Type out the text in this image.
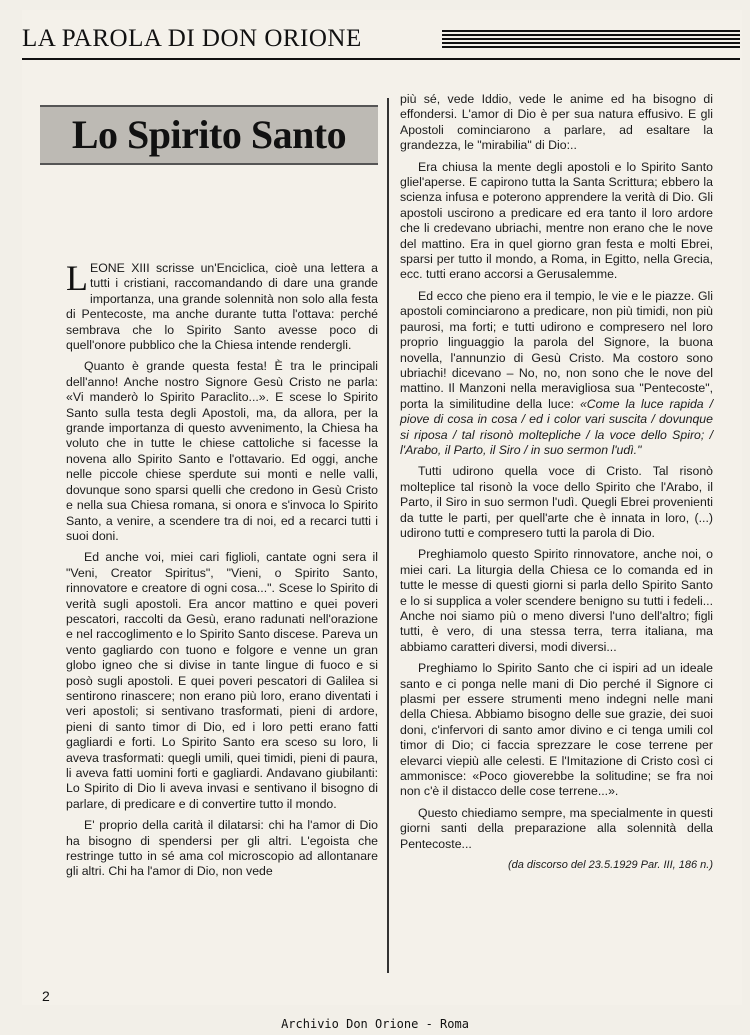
LA PAROLA DI DON ORIONE
Lo Spirito Santo

LEONE XIII scrisse un'Enciclica, cioè una lettera a tutti i cristiani, raccomandando di dare una grande importanza, una grande solennità non solo alla festa di Pentecoste, ma anche durante tutta l'ottava: perché sembrava che lo Spirito Santo avesse poco di quell'onore pubblico che la Chiesa intende rendergli.

Quanto è grande questa festa! È tra le principali dell'anno! Anche nostro Signore Gesù Cristo ne parla: «Vi manderò lo Spirito Paraclito...». E scese lo Spirito Santo sulla testa degli Apostoli, ma, da allora, per la grande importanza di questo avvenimento, la Chiesa ha voluto che in tutte le chiese cattoliche si facesse la novena allo Spirito Santo e l'ottavario. Ed oggi, anche nelle piccole chiese sperdute sui monti e nelle valli, dovunque sono sparsi quelli che credono in Gesù Cristo e nella sua Chiesa romana, si onora e s'invoca lo Spirito Santo, a venire, a scendere tra di noi, ed a recarci tutti i suoi doni.

Ed anche voi, miei cari figlioli, cantate ogni sera il "Veni, Creator Spiritus", "Vieni, o Spirito Santo, rinnovatore e creatore di ogni cosa...". Scese lo Spirito di verità sugli apostoli. Era ancor mattino e quei poveri pescatori, raccolti da Gesù, erano radunati nell'orazione e nel raccoglimento e lo Spirito Santo discese. Pareva un vento gagliardo con tuono e folgore e venne un gran globo igneo che si divise in tante lingue di fuoco e si posò sugli apostoli. E quei poveri pescatori di Galilea si sentirono rinascere; non erano più loro, erano diventati i veri apostoli; si sentivano trasformati, pieni di ardore, pieni di santo timor di Dio, ed i loro petti erano fatti gagliardi e forti. Lo Spirito Santo era sceso su loro, li aveva trasformati: quegli umili, quei timidi, pieni di paura, li aveva fatti uomini forti e gagliardi. Andavano giubilanti: Lo Spirito di Dio li aveva invasi e sentivano il bisogno di parlare, di predicare e di convertire tutto il mondo.

E' proprio della carità il dilatarsi: chi ha l'amor di Dio ha bisogno di spendersi per gli altri. L'egoista che restringe tutto in sé ama col microscopio ad allontanare gli altri. Chi ha l'amor di Dio, non vede

più sé, vede Iddio, vede le anime ed ha bisogno di effondersi. L'amor di Dio è per sua natura effusivo. E gli Apostoli cominciarono a parlare, ad esaltare la grandezza, le "mirabilia" di Dio:..

Era chiusa la mente degli apostoli e lo Spirito Santo gliel'aperse. E capirono tutta la Santa Scrittura; ebbero la scienza infusa e poterono apprendere la verità di Dio. Gli apostoli uscirono a predicare ed era tanto il loro ardore che li credevano ubriachi, mentre non erano che le nove del mattino. Era in quel giorno gran festa e molti Ebrei, sparsi per tutto il mondo, a Roma, in Egitto, nella Grecia, ecc. tutti erano accorsi a Gerusalemme.

Ed ecco che pieno era il tempio, le vie e le piazze. Gli apostoli cominciarono a predicare, non più timidi, non più paurosi, ma forti; e tutti udirono e compresero nel loro proprio linguaggio la parola del Signore, la buona novella, l'annunzio di Gesù Cristo. Ma costoro sono ubriachi! dicevano – No, no, non sono che le nove del mattino. Il Manzoni nella meravigliosa sua "Pentecoste", porta la similitudine della luce: «Come la luce rapida / piove di cosa in cosa / ed i color vari suscita / dovunque si riposa / tal risonò moltepliche / la voce dello Spiro; / l'Arabo, il Parto, il Siro / in suo sermon l'udì."

Tutti udirono quella voce di Cristo. Tal risonò molteplice tal risonò la voce dello Spirito che l'Arabo, il Parto, il Siro in suo sermon l'udì. Quegli Ebrei provenienti da tutte le parti, per quell'arte che è innata in loro, (...) udirono tutti e compresero tutti la parola di Dio.

Preghiamolo questo Spirito rinnovatore, anche noi, o miei cari. La liturgia della Chiesa ce lo comanda ed in tutte le messe di questi giorni si parla dello Spirito Santo e lo si supplica a voler scendere benigno su tutti i fedeli... Anche noi siamo più o meno diversi l'uno dell'altro; figli tutti, è vero, di una stessa terra, terra italiana, ma abbiamo caratteri diversi, modi diversi...

Preghiamo lo Spirito Santo che ci ispiri ad un ideale santo e ci ponga nelle mani di Dio perché il Signore ci plasmi per essere strumenti meno indegni nelle mani della Chiesa. Abbiamo bisogno delle sue grazie, dei suoi doni, c'infervori di santo amor divino e ci tenga umili col timor di Dio; ci faccia sprezzare le cose terrene per elevarci viepiù alle celesti. E l'Imitazione di Cristo così ci ammonisce: «Poco gioverebbe la solitudine; se fra noi non c'è il distacco delle cose terrene...».

Questo chiediamo sempre, ma specialmente in questi giorni santi della preparazione alla solennità della Pentecoste...

(da discorso del 23.5.1929 Par. III, 186 n.)

2
Archivio Don Orione - Roma
